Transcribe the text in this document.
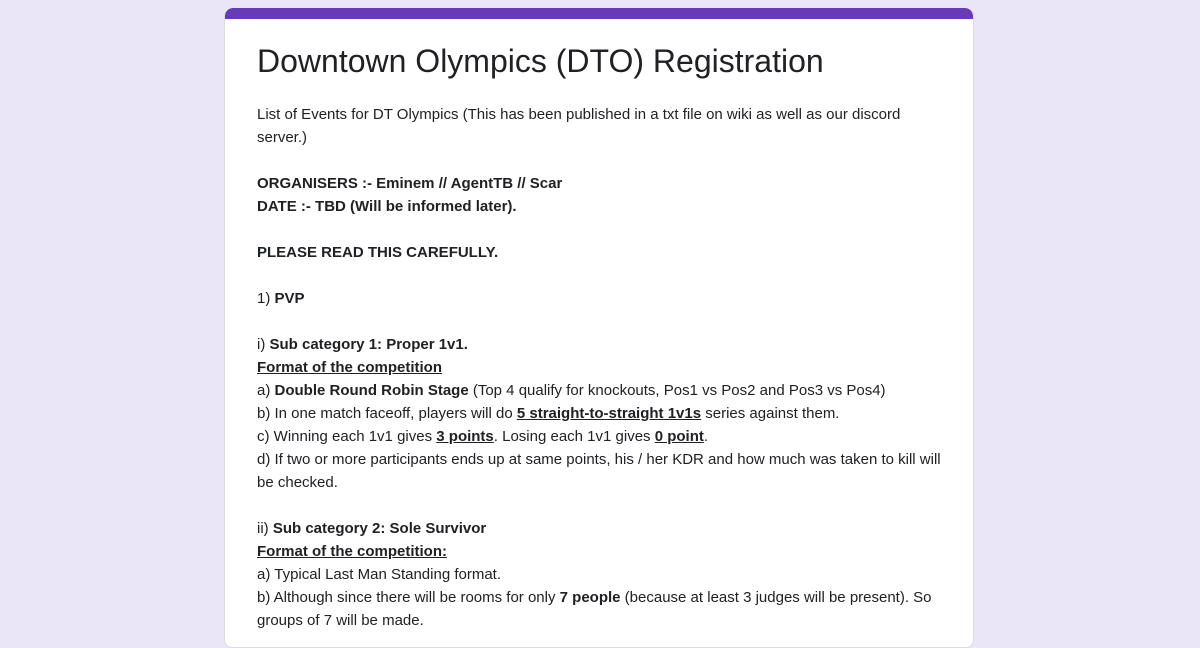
Downtown Olympics (DTO) Registration
List of Events for DT Olympics (This has been published in a txt file on wiki as well as our discord server.)

ORGANISERS :- Eminem // AgentTB // Scar
DATE :- TBD (Will be informed later).

PLEASE READ THIS CAREFULLY.

1) PVP

i) Sub category 1: Proper 1v1.
Format of the competition
a) Double Round Robin Stage (Top 4 qualify for knockouts, Pos1 vs Pos2 and Pos3 vs Pos4)
b) In one match faceoff, players will do 5 straight-to-straight 1v1s series against them.
c) Winning each 1v1 gives 3 points. Losing each 1v1 gives 0 point.
d) If two or more participants ends up at same points, his / her KDR and how much was taken to kill will be checked.

ii) Sub category 2: Sole Survivor
Format of the competition:
a) Typical Last Man Standing format.
b) Although since there will be rooms for only 7 people (because at least 3 judges will be present). So groups of 7 will be made.
